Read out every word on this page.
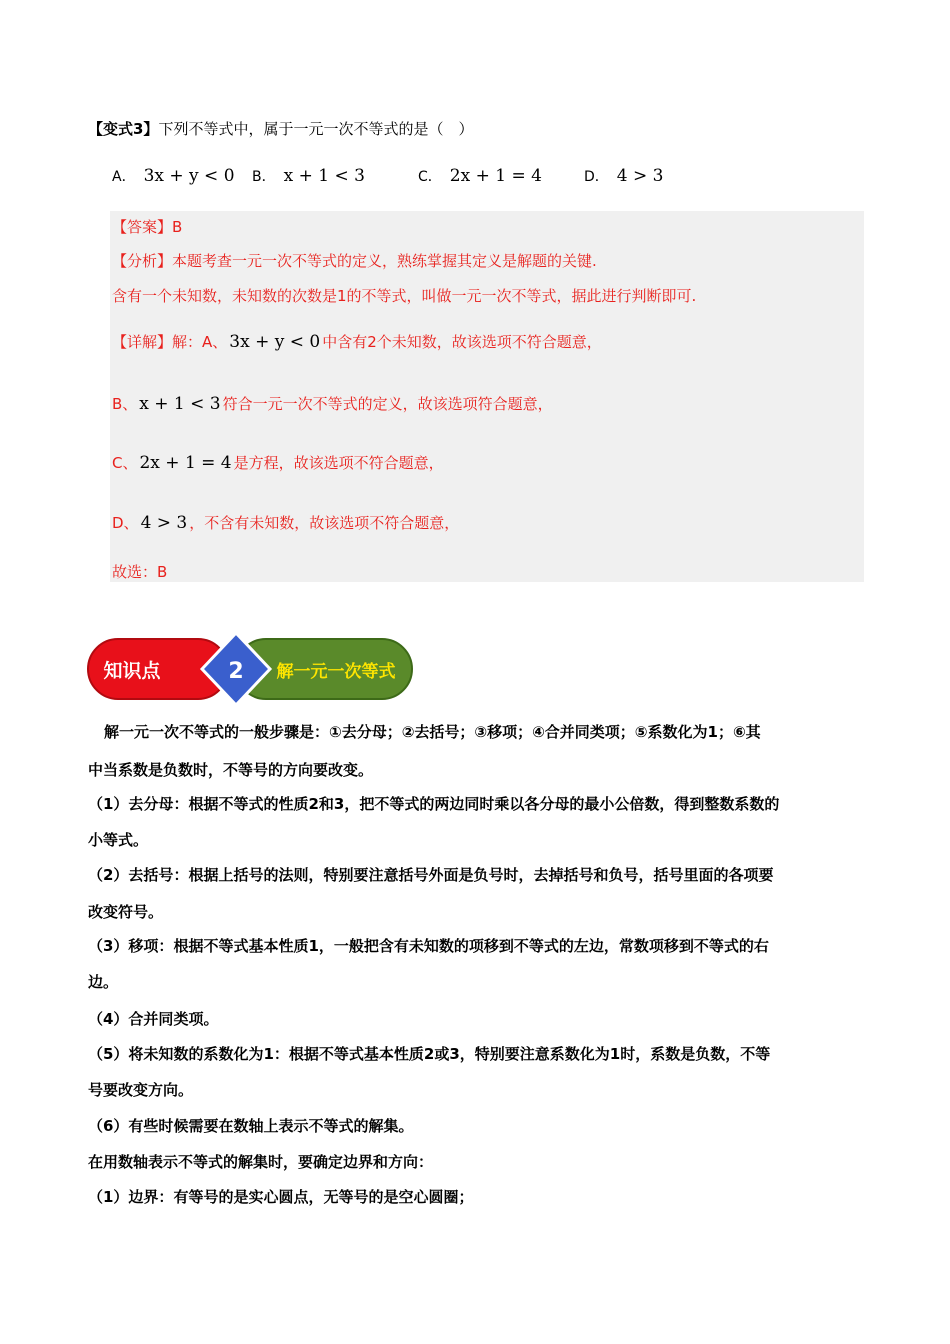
【变式3】下列不等式中，属于一元一次不等式的是（　）
A． 3x + y < 0 B． x + 1 < 3	C． 2x + 1 = 4	D． 4 > 3
【答案】B
【分析】本题考查一元一次不等式的定义，熟练掌握其定义是解题的关键.
含有一个未知数，未知数的次数是1的不等式，叫做一元一次不等式，据此进行判断即可.
【详解】解：A、 3x + y < 0 中含有2个未知数，故该选项不符合题意，
B、 x + 1 < 3 符合一元一次不等式的定义，故该选项符合题意，
C、 2x + 1 = 4 是方程，故该选项不符合题意，
D、 4 > 3 ，不含有未知数，故该选项不符合题意，
故选：B
知识点	2 解一元一次等式
解一元一次不等式的一般步骤是：①去分母；②去括号；③移项；④合并同类项；⑤系数化为1；⑥其
中当系数是负数时，不等号的方向要改变。
（1）去分母：根据不等式的性质2和3，把不等式的两边同时乘以各分母的最小公倍数，得到整数系数的
小等式。
（2）去括号：根据上括号的法则，特别要注意括号外面是负号时，去掉括号和负号，括号里面的各项要
改变符号。
（3）移项：根据不等式基本性质1，一般把含有未知数的项移到不等式的左边，常数项移到不等式的右
边。
（4）合并同类项。
（5）将未知数的系数化为1：根据不等式基本性质2或3，特别要注意系数化为1时，系数是负数，不等
号要改变方向。
（6）有些时候需要在数轴上表示不等式的解集。
在用数轴表示不等式的解集时，要确定边界和方向：
（1）边界：有等号的是实心圆点，无等号的是空心圆圈；
